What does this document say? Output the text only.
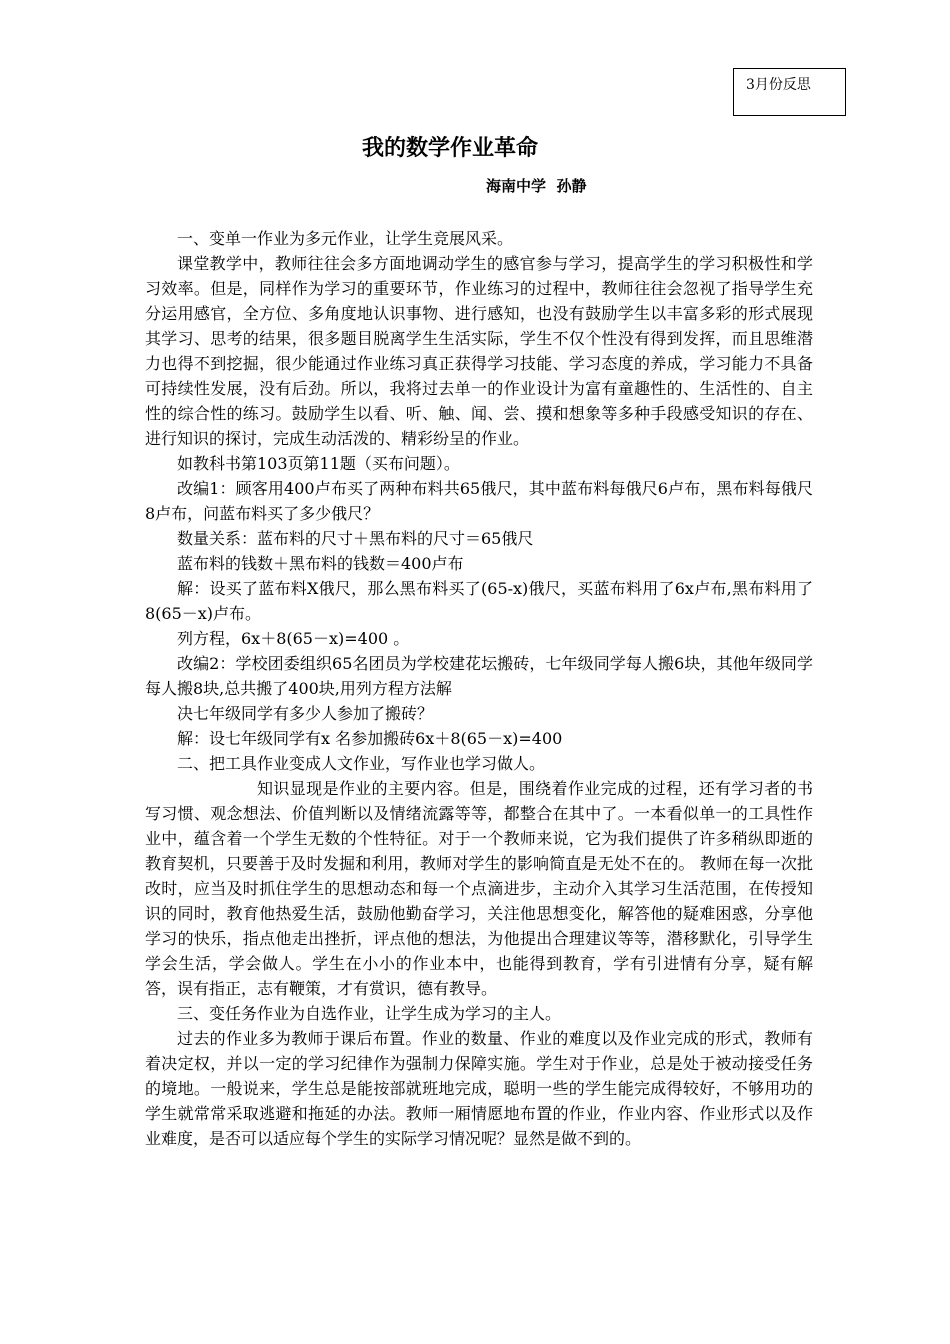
3月份反思
我的数学作业革命
海南中学  孙静

一、变单一作业为多元作业，让学生竞展风采。

课堂教学中，教师往往会多方面地调动学生的感官参与学习，提高学生的学习积极性和学习效率。但是，同样作为学习的重要环节，作业练习的过程中，教师往往会忽视了指导学生充分运用感官，全方位、多角度地认识事物、进行感知，也没有鼓励学生以丰富多彩的形式展现其学习、思考的结果，很多题目脱离学生生活实际，学生不仅个性没有得到发挥，而且思维潜力也得不到挖掘，很少能通过作业练习真正获得学习技能、学习态度的养成，学习能力不具备可持续性发展，没有后劲。所以，我将过去单一的作业设计为富有童趣性的、生活性的、自主性的综合性的练习。鼓励学生以看、听、触、闻、尝、摸和想象等多种手段感受知识的存在、进行知识的探讨，完成生动活泼的、精彩纷呈的作业。

如教科书第103页第11题（买布问题）。

改编1：顾客用400卢布买了两种布料共65俄尺，其中蓝布料每俄尺6卢布，黑布料每俄尺8卢布，问蓝布料买了多少俄尺？

数量关系：蓝布料的尺寸＋黑布料的尺寸＝65俄尺

蓝布料的钱数＋黑布料的钱数＝400卢布

解：设买了蓝布料X俄尺，那么黑布料买了(65-x)俄尺，买蓝布料用了6x卢布,黑布料用了8(65－x)卢布。

列方程，6x＋8(65－x)=400 。

改编2：学校团委组织65名团员为学校建花坛搬砖，七年级同学每人搬6块，其他年级同学每人搬8块,总共搬了400块,用列方程方法解

决七年级同学有多少人参加了搬砖？

解：设七年级同学有x 名参加搬砖6x＋8(65－x)=400

二、把工具作业变成人文作业，写作业也学习做人。

知识显现是作业的主要内容。但是，围绕着作业完成的过程，还有学习者的书写习惯、观念想法、价值判断以及情绪流露等等，都整合在其中了。一本看似单一的工具性作业中，蕴含着一个学生无数的个性特征。对于一个教师来说，它为我们提供了许多稍纵即逝的教育契机，只要善于及时发掘和利用，教师对学生的影响简直是无处不在的。 教师在每一次批改时，应当及时抓住学生的思想动态和每一个点滴进步，主动介入其学习生活范围，在传授知识的同时，教育他热爱生活，鼓励他勤奋学习，关注他思想变化，解答他的疑难困惑，分享他学习的快乐，指点他走出挫折，评点他的想法，为他提出合理建议等等，潜移默化，引导学生学会生活，学会做人。学生在小小的作业本中，也能得到教育，学有引进情有分享，疑有解答，误有指正，志有鞭策，才有赏识，德有教导。

三、变任务作业为自选作业，让学生成为学习的主人。

过去的作业多为教师于课后布置。作业的数量、作业的难度以及作业完成的形式，教师有着决定权，并以一定的学习纪律作为强制力保障实施。学生对于作业，总是处于被动接受任务的境地。一般说来，学生总是能按部就班地完成，聪明一些的学生能完成得较好，不够用功的学生就常常采取逃避和拖延的办法。教师一厢情愿地布置的作业，作业内容、作业形式以及作业难度，是否可以适应每个学生的实际学习情况呢？显然是做不到的。
